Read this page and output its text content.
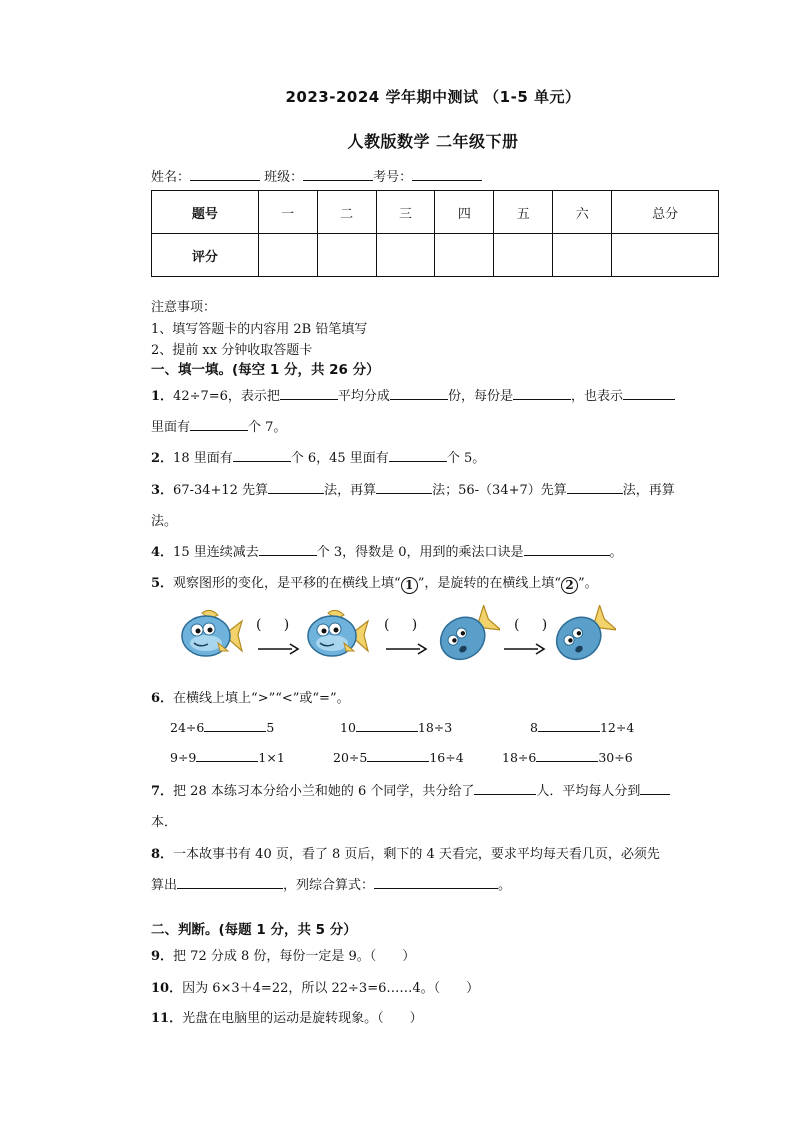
2023-2024 学年期中测试 （1-5 单元）
人教版数学 二年级下册
姓名：	班级：	考号：
题号	一	二	三	四	五	六	总分
评分							
注意事项：
1、填写答题卡的内容用 2B 铅笔填写
2、提前 xx 分钟收取答题卡
一、填一填。(每空 1 分，共 26 分）
1．42÷7=6，表示把	平均分成	份，每份是	，也表示
里面有	个 7。
2．18 里面有	个 6，45 里面有	个 5。
3．67-34+12 先算	法，再算	法；56-（34+7）先算	法，再算
法。
4．15 里连续减去	个 3，得数是 0，用到的乘法口诀是	。
5．观察图形的变化，是平移的在横线上填“ 1 ”，是旋转的在横线上填“ 2 ”。
(     )	(     )	(     )
6．在横线上填上“>”“<”或“=”。
24÷6	5	10	18÷3	8	12÷4
9÷9	1×1	20÷5	16÷4	18÷6	30÷6
7．把 28 本练习本分给小兰和她的 6 个同学，共分给了	人．平均每人分到
本．
8．一本故事书有 40 页，看了 8 页后，剩下的 4 天看完，要求平均每天看几页，必须先
算出	，列综合算式：	。
二、判断。(每题 1 分，共 5 分）
9．把 72 分成 8 份，每份一定是 9。（　　）
10．因为 6×3＋4=22，所以 22÷3=6……4。（　　）
11．光盘在电脑里的运动是旋转现象。（　　）
